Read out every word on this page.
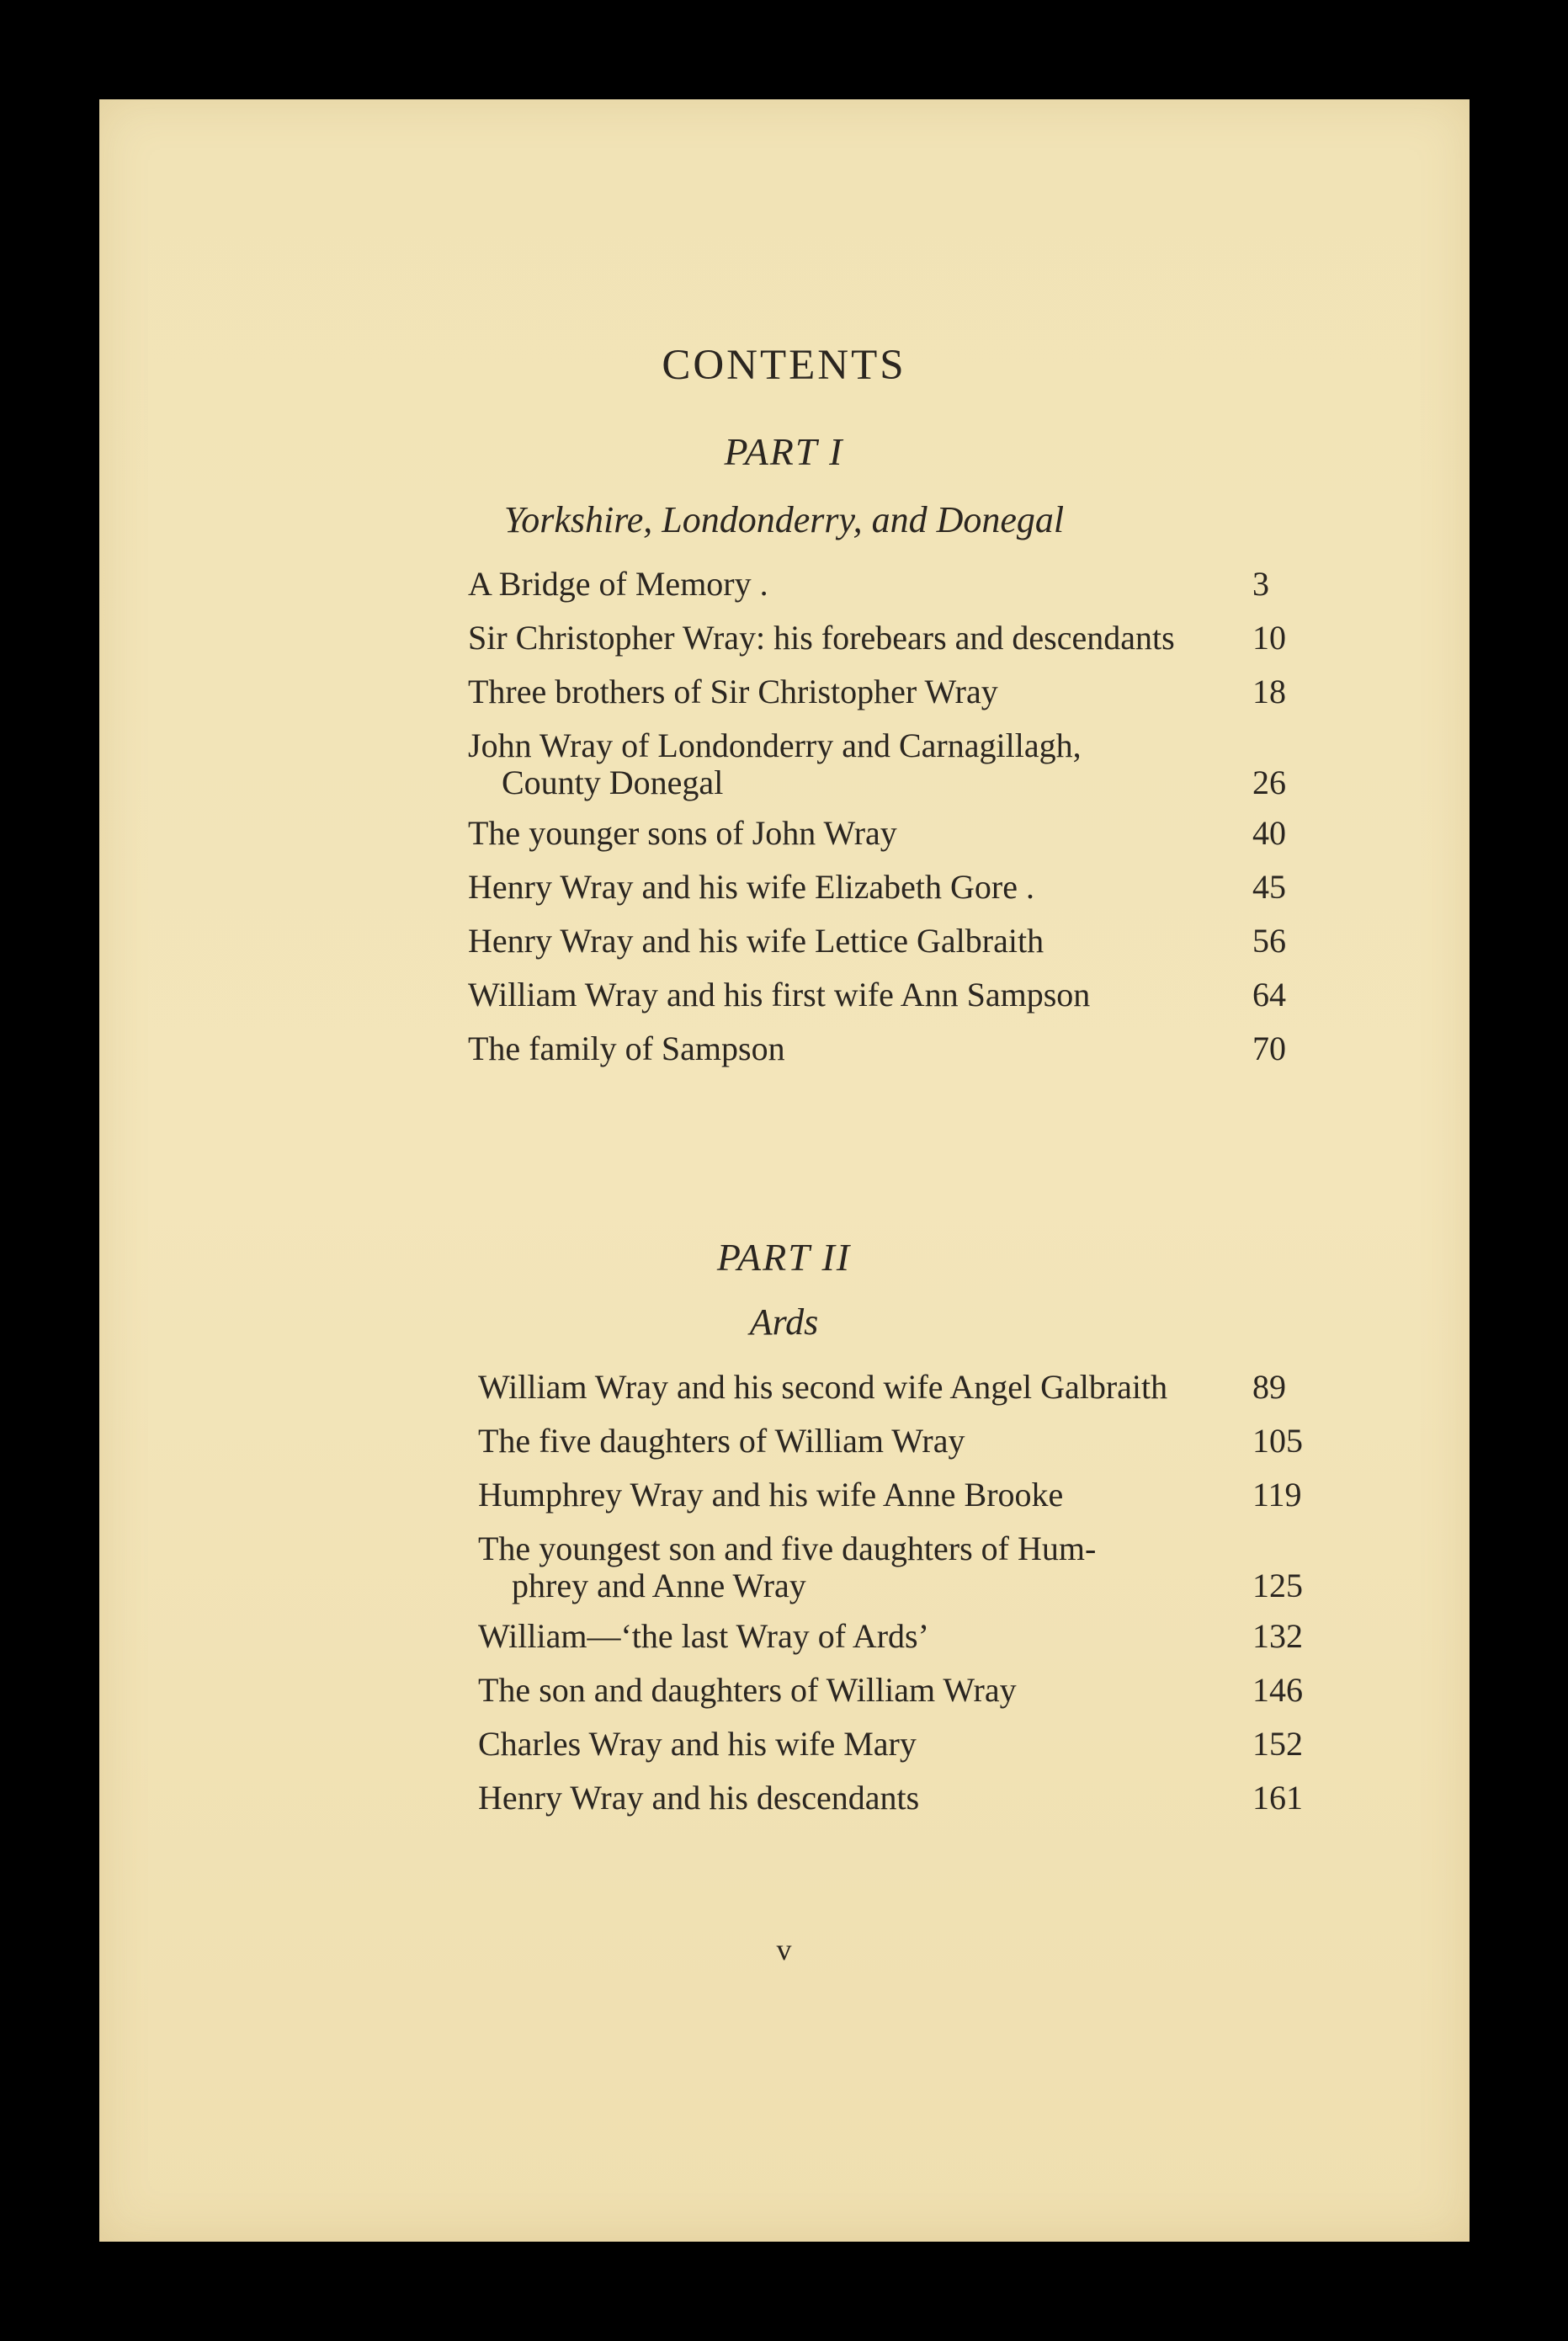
CONTENTS
PART I
Yorkshire, Londonderry, and Donegal
PART II
Ards
A Bridge of Memory .	3
Sir Christopher Wray: his forebears and descendants 10
Three brothers of Sir Christopher Wray	18
John Wray of Londonderry and Carnagillagh,
County Donegal	26
The younger sons of John Wray	40
Henry Wray and his wife Elizabeth Gore .	45
Henry Wray and his wife Lettice Galbraith	56
William Wray and his first wife Ann Sampson	64
The family of Sampson	70
William Wray and his second wife Angel Galbraith	89
The five daughters of William Wray	105
Humphrey Wray and his wife Anne Brooke	119
The youngest son and five daughters of Hum-
phrey and Anne Wray	125
William—‘the last Wray of Ards’	132
The son and daughters of William Wray	146
Charles Wray and his wife Mary	152
Henry Wray and his descendants	161
v
